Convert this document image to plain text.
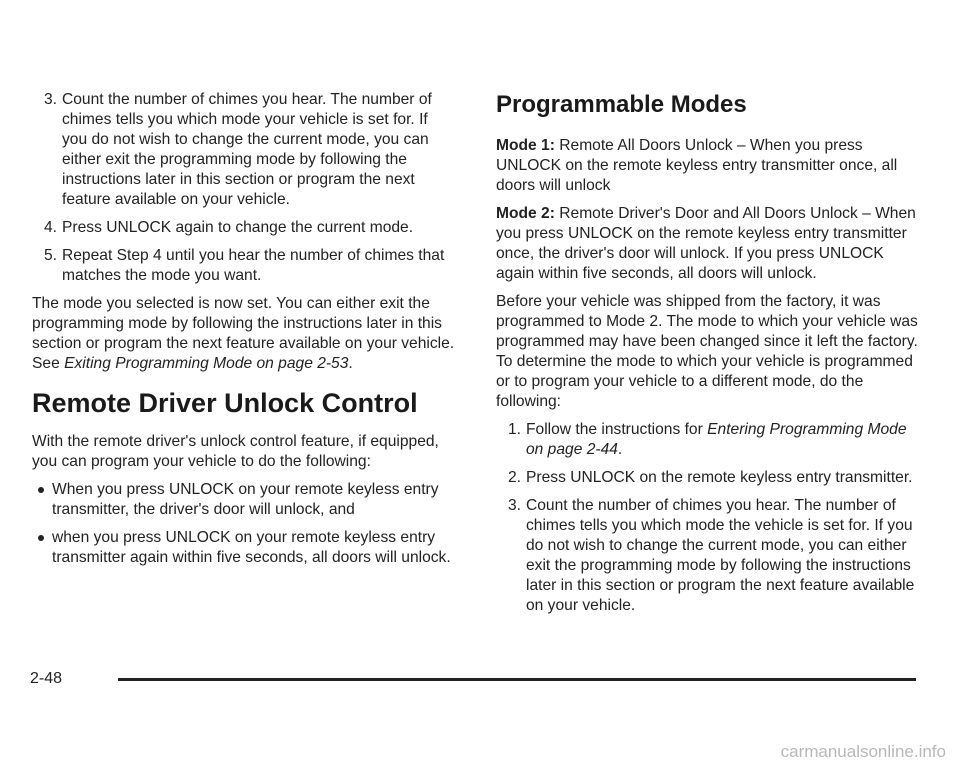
3. Count the number of chimes you hear. The number of chimes tells you which mode your vehicle is set for. If you do not wish to change the current mode, you can either exit the programming mode by following the instructions later in this section or program the next feature available on your vehicle.
4. Press UNLOCK again to change the current mode.
5. Repeat Step 4 until you hear the number of chimes that matches the mode you want.

The mode you selected is now set. You can either exit the programming mode by following the instructions later in this section or program the next feature available on your vehicle. See Exiting Programming Mode on page 2-53.

Remote Driver Unlock Control

With the remote driver's unlock control feature, if equipped, you can program your vehicle to do the following:

When you press UNLOCK on your remote keyless entry transmitter, the driver's door will unlock, and
when you press UNLOCK on your remote keyless entry transmitter again within five seconds, all doors will unlock.
Programmable Modes

Mode 1: Remote All Doors Unlock – When you press UNLOCK on the remote keyless entry transmitter once, all doors will unlock

Mode 2: Remote Driver's Door and All Doors Unlock – When you press UNLOCK on the remote keyless entry transmitter once, the driver's door will unlock. If you press UNLOCK again within five seconds, all doors will unlock.

Before your vehicle was shipped from the factory, it was programmed to Mode 2. The mode to which your vehicle was programmed may have been changed since it left the factory. To determine the mode to which your vehicle is programmed or to program your vehicle to a different mode, do the following:

1. Follow the instructions for Entering Programming Mode on page 2-44.
2. Press UNLOCK on the remote keyless entry transmitter.
3. Count the number of chimes you hear. The number of chimes tells you which mode the vehicle is set for. If you do not wish to change the current mode, you can either exit the programming mode by following the instructions later in this section or program the next feature available on your vehicle.
2-48
carmanualsonline.info
